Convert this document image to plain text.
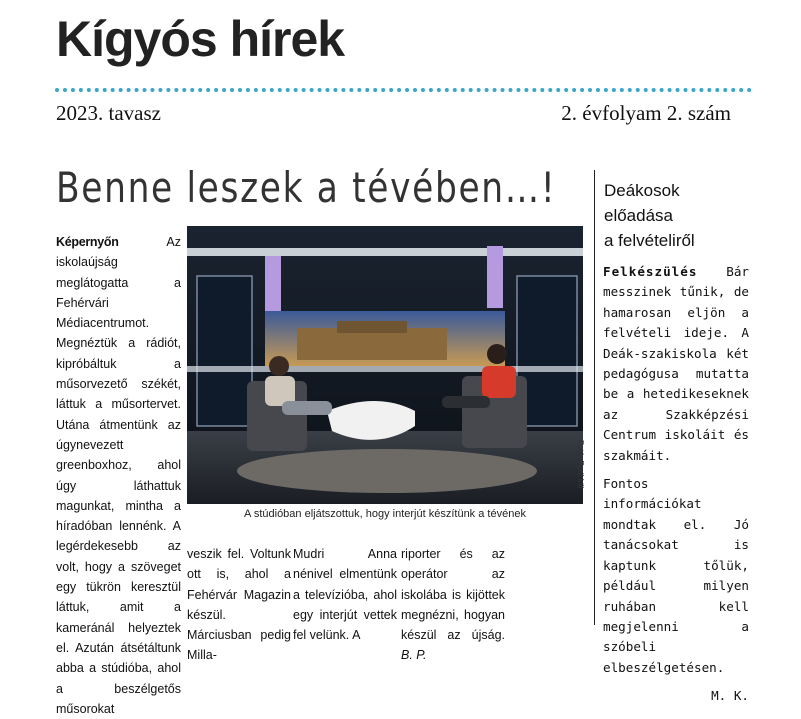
Kígyós hírek
2023. tavasz	2. évfolyam 2. szám
Benne leszek a tévében…!
Képernyőn Az iskolaújság meglátogatta a Fehérvári Médiacentrumot. Megnéztük a rádiót, kipróbáltuk a műsorvezető székét, láttuk a műsortervet. Utána átmentünk az úgynevezett greenboxhoz, ahol úgy láthattuk magunkat, mintha a híradóban lennénk. A legérdekesebb az volt, hogy a szöveget egy tükrön keresztül láttuk, amit a kameránál helyeztek el. Azután átsétáltunk abba a stúdióba, ahol a beszélgetős műsorokat
Fotó: Podl Lili
A stúdióban eljátszottuk, hogy interjút készítünk a tévének
veszik fel. Voltunk ott is, ahol a Fehérvár Magazin készül. Márciusban pedig Milla-
Mudri Anna nénivel elmentünk a televízióba, ahol egy interjút vettek fel velünk. A
riporter és az operátor az iskolába is kijöttek megnézni, hogyan készül az újság. B. P.
Deákosok
előadása
a felvételiről

Felkészülés Bár messzinek tűnik, de hamarosan eljön a felvételi ideje. A Deák-szakiskola két pedagógusa mutatta be a hetedikeseknek az Szakképzési Centrum iskoláit és szakmáit.

Fontos információkat mondtak el. Jó tanácsokat is kaptunk tőlük, például milyen ruhában kell megjelenni a szóbeli elbeszélgetésen.

M. K.
